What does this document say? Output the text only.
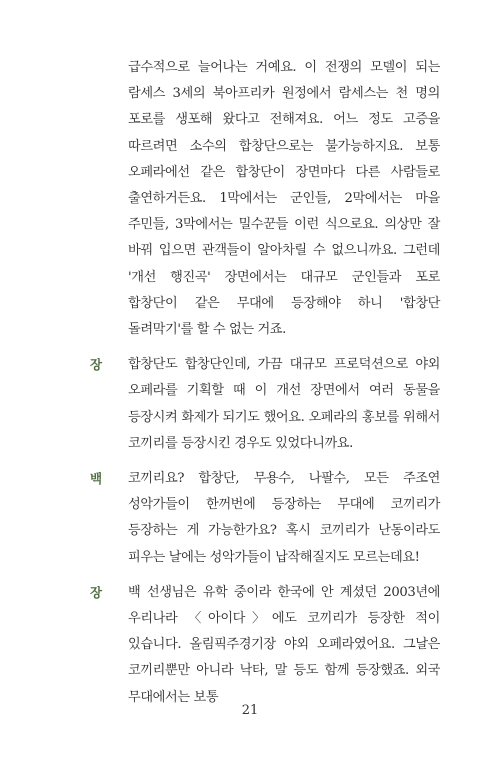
급수적으로 늘어나는 거예요. 이 전쟁의 모델이 되는 람세스 3세의 북아프리카 원정에서 람세스는 천 명의 포로를 생포해 왔다고 전해져요. 어느 정도 고증을 따르려면 소수의 합창단으로는 불가능하지요. 보통 오페라에선 같은 합창단이 장면마다 다른 사람들로 출연하거든요. 1막에서는 군인들, 2막에서는 마을 주민들, 3막에서는 밀수꾼들 이런 식으로요. 의상만 잘 바꿔 입으면 관객들이 알아차릴 수 없으니까요. 그런데 '개선 행진곡' 장면에서는 대규모 군인들과 포로 합창단이 같은 무대에 등장해야 하니 '합창단 돌려막기'를 할 수 없는 거죠.
장	합창단도 합창단인데, 가끔 대규모 프로덕션으로 야외 오페라를 기획할 때 이 개선 장면에서 여러 동물을 등장시켜 화제가 되기도 했어요. 오페라의 홍보를 위해서 코끼리를 등장시킨 경우도 있었다니까요.
백	코끼리요? 합창단, 무용수, 나팔수, 모든 주조연 성악가들이 한꺼번에 등장하는 무대에 코끼리가 등장하는 게 가능한가요? 혹시 코끼리가 난동이라도 피우는 날에는 성악가들이 납작해질지도 모르는데요!
장	백 선생님은 유학 중이라 한국에 안 계셨던 2003년에 우리나라 〈아이다〉에도 코끼리가 등장한 적이 있습니다. 올림픽주경기장 야외 오페라였어요. 그날은 코끼리뿐만 아니라 낙타, 말 등도 함께 등장했죠. 외국 무대에서는 보통
21
